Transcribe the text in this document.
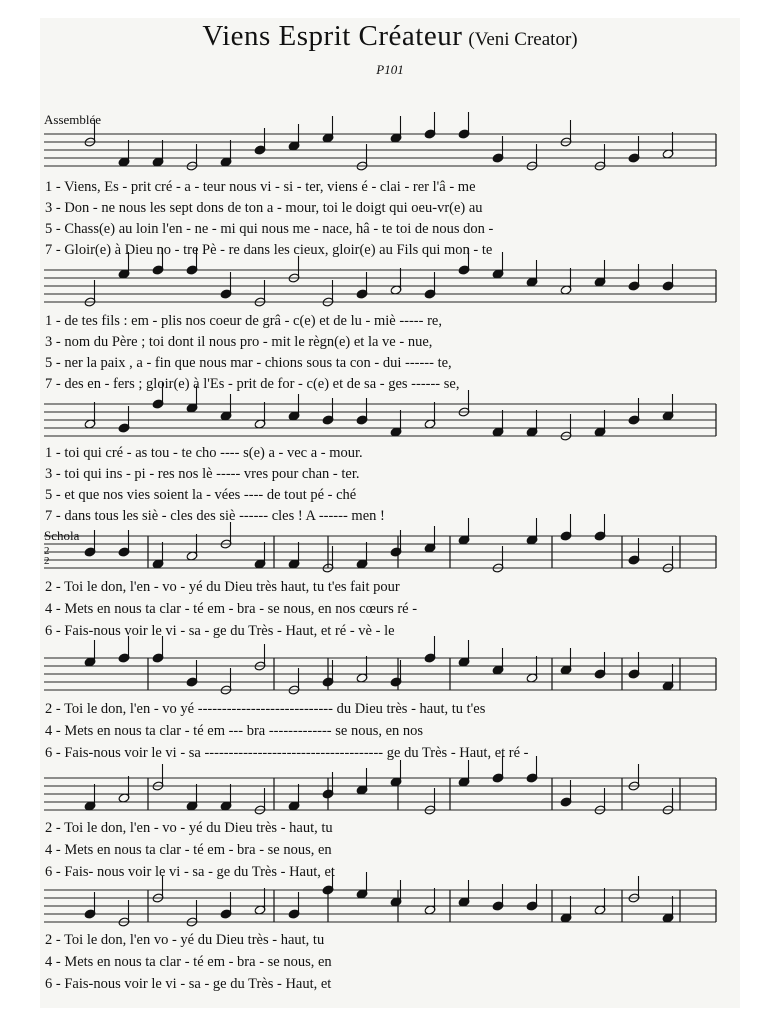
Viens Esprit Créateur (Veni Creator)
P101
Assemblée
1 - Viens, Es - prit cré - a - teur nous vi - si - ter, viens é - clai - rer l'â - me
3 - Don - ne nous les sept dons de ton a - mour, toi le doigt qui oeu-vr(e) au
5 - Chass(e) au loin l'en - ne - mi qui nous me - nace, hâ - te toi de nous don -
7 - Gloir(e) à Dieu no - tre Pè - re dans les cieux, gloir(e) au Fils qui mon - te
1 - de tes fils : em - plis nos coeur de grâ - c(e) et de lu - miè ----- re,
3 - nom du Père ; toi dont il nous pro - mit le règn(e) et la ve - nue,
5 - ner la paix , a - fin que nous mar - chions sous ta con - dui ------ te,
7 - des en - fers ; gloir(e) à l'Es - prit de for - c(e) et de sa - ges ------ se,
1 - toi qui cré - as tou - te cho ---- s(e) a - vec a - mour.
3 - toi qui ins - pi - res nos lè ----- vres pour chan - ter.
5 - et que nos vies soient la - vées ---- de tout pé - ché
7 - dans tous les siè - cles des siè ------ cles ! A ------ men !
Schola
2 2
2 - Toi le don, l'en - vo - yé du Dieu très haut, tu t'es fait pour
4 - Mets en nous ta clar - té em - bra - se nous, en nos cœurs ré -
6 - Fais-nous voir le vi - sa - ge du Très - Haut, et ré - vè - le
2 - Toi le don, l'en - vo yé ---------------------------- du Dieu très - haut, tu t'es
4 - Mets en nous ta clar - té em --- bra ------------- se nous, en nos
6 - Fais-nous voir le vi - sa ------------------------------------- ge du Très - Haut, et ré -
2 - Toi le don, l'en - vo - yé du Dieu très - haut, tu
4 - Mets en nous ta clar - té em - bra - se nous, en
6 - Fais- nous voir le vi - sa - ge du Très - Haut, et
2 - Toi le don, l'en vo - yé du Dieu très - haut, tu
4 - Mets en nous ta clar - té em - bra - se nous, en
6 - Fais-nous voir le vi - sa - ge du Très - Haut, et
